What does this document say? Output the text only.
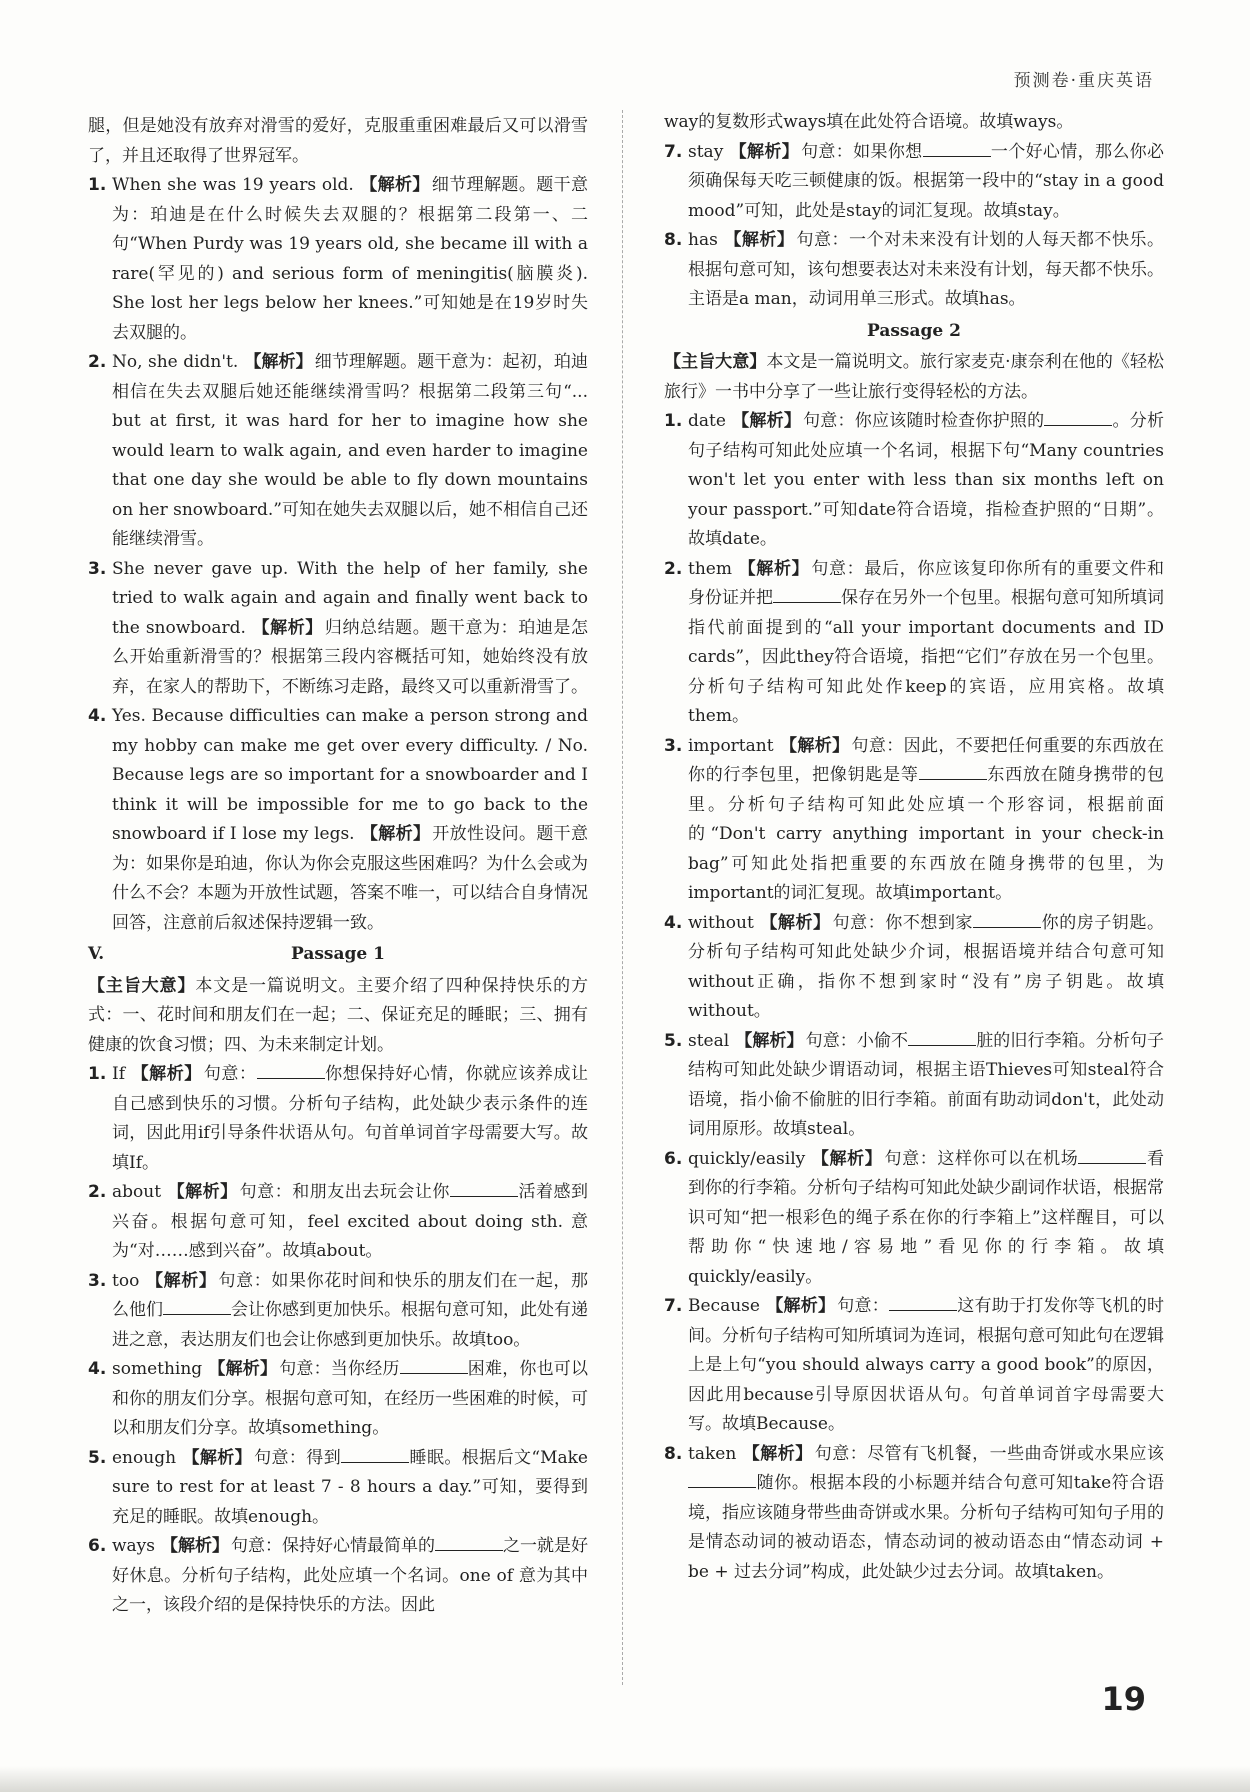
预测卷·重庆英语

腿，但是她没有放弃对滑雪的爱好，克服重重困难最后又可以滑雪了，并且还取得了世界冠军。

1. When she was 19 years old. 【解析】 细节理解题。题干意为：珀迪是在什么时候失去双腿的？根据第二段第一、二句“When Purdy was 19 years old, she became ill with a rare(罕见的) and serious form of meningitis(脑膜炎). She lost her legs below her knees.”可知她是在19岁时失去双腿的。

2. No, she didn't. 【解析】 细节理解题。题干意为：起初，珀迪相信在失去双腿后她还能继续滑雪吗？根据第二段第三句“... but at first, it was hard for her to imagine how she would learn to walk again, and even harder to imagine that one day she would be able to fly down mountains on her snowboard.”可知在她失去双腿以后，她不相信自己还能继续滑雪。

3. She never gave up. With the help of her family, she tried to walk again and again and finally went back to the snowboard. 【解析】 归纳总结题。题干意为：珀迪是怎么开始重新滑雪的？根据第三段内容概括可知，她始终没有放弃，在家人的帮助下，不断练习走路，最终又可以重新滑雪了。

4. Yes. Because difficulties can make a person strong and my hobby can make me get over every difficulty. / No. Because legs are so important for a snowboarder and I think it will be impossible for me to go back to the snowboard if I lose my legs. 【解析】 开放性设问。题干意为：如果你是珀迪，你认为你会克服这些困难吗？为什么会或为什么不会？本题为开放性试题，答案不唯一，可以结合自身情况回答，注意前后叙述保持逻辑一致。

V.	Passage 1

【主旨大意】本文是一篇说明文。主要介绍了四种保持快乐的方式：一、花时间和朋友们在一起；二、保证充足的睡眠；三、拥有健康的饮食习惯；四、为未来制定计划。

1. If 【解析】 句意：	你想保持好心情，你就应该养成让自己感到快乐的习惯。分析句子结构，此处缺少表示条件的连词，因此用if引导条件状语从句。句首单词首字母需要大写。故填If。

2. about 【解析】 句意：和朋友出去玩会让你	活着感到兴奋。根据句意可知，feel excited about doing sth. 意为“对……感到兴奋”。故填about。

3. too 【解析】 句意：如果你花时间和快乐的朋友们在一起，那么他们	会让你感到更加快乐。根据句意可知，此处有递进之意，表达朋友们也会让你感到更加快乐。故填too。

4. something 【解析】 句意：当你经历	困难，你也可以和你的朋友们分享。根据句意可知，在经历一些困难的时候，可以和朋友们分享。故填something。

5. enough 【解析】 句意：得到	睡眠。根据后文“Make sure to rest for at least 7 - 8 hours a day.”可知，要得到充足的睡眠。故填enough。

6. ways 【解析】 句意：保持好心情最简单的	之一就是好好休息。分析句子结构，此处应填一个名词。one of 意为其中之一，该段介绍的是保持快乐的方法。因此

way的复数形式ways填在此处符合语境。故填ways。

7. stay 【解析】 句意：如果你想	一个好心情，那么你必须确保每天吃三顿健康的饭。根据第一段中的“stay in a good mood”可知，此处是stay的词汇复现。故填stay。

8. has 【解析】 句意：一个对未来没有计划的人每天都不快乐。根据句意可知，该句想要表达对未来没有计划，每天都不快乐。主语是a man，动词用单三形式。故填has。

Passage 2

【主旨大意】本文是一篇说明文。旅行家麦克·康奈利在他的《轻松旅行》一书中分享了一些让旅行变得轻松的方法。

1. date 【解析】 句意：你应该随时检查你护照的	。分析句子结构可知此处应填一个名词，根据下句“Many countries won't let you enter with less than six months left on your passport.”可知date符合语境，指检查护照的“日期”。故填date。

2. them 【解析】 句意：最后，你应该复印你所有的重要文件和身份证并把	保存在另外一个包里。根据句意可知所填词指代前面提到的“all your important documents and ID cards”，因此they符合语境，指把“它们”存放在另一个包里。分析句子结构可知此处作keep的宾语，应用宾格。故填them。

3. important 【解析】 句意：因此，不要把任何重要的东西放在你的行李包里，把像钥匙是等	东西放在随身携带的包里。分析句子结构可知此处应填一个形容词，根据前面的“Don't carry anything important in your check-in bag”可知此处指把重要的东西放在随身携带的包里，为important的词汇复现。故填important。

4. without 【解析】 句意：你不想到家	你的房子钥匙。分析句子结构可知此处缺少介词，根据语境并结合句意可知without正确，指你不想到家时“没有”房子钥匙。故填without。

5. steal 【解析】 句意：小偷不	脏的旧行李箱。分析句子结构可知此处缺少谓语动词，根据主语Thieves可知steal符合语境，指小偷不偷脏的旧行李箱。前面有助动词don't，此处动词用原形。故填steal。

6. quickly/easily 【解析】 句意：这样你可以在机场	看到你的行李箱。分析句子结构可知此处缺少副词作状语，根据常识可知“把一根彩色的绳子系在你的行李箱上”这样醒目，可以帮助你“快速地/容易地”看见你的行李箱。故填quickly/easily。

7. Because 【解析】 句意：	这有助于打发你等飞机的时间。分析句子结构可知所填词为连词，根据句意可知此句在逻辑上是上句“you should always carry a good book”的原因，因此用because引导原因状语从句。句首单词首字母需要大写。故填Because。

8. taken 【解析】 句意：尽管有飞机餐，一些曲奇饼或水果应该随你。根据本段的小标题并结合句意可知take符合语境，指应该随身带些曲奇饼或水果。分析句子结构可知句子用的是情态动词的被动语态，情态动词的被动语态由“情态动词 + be + 过去分词”构成，此处缺少过去分词。故填taken。

19
